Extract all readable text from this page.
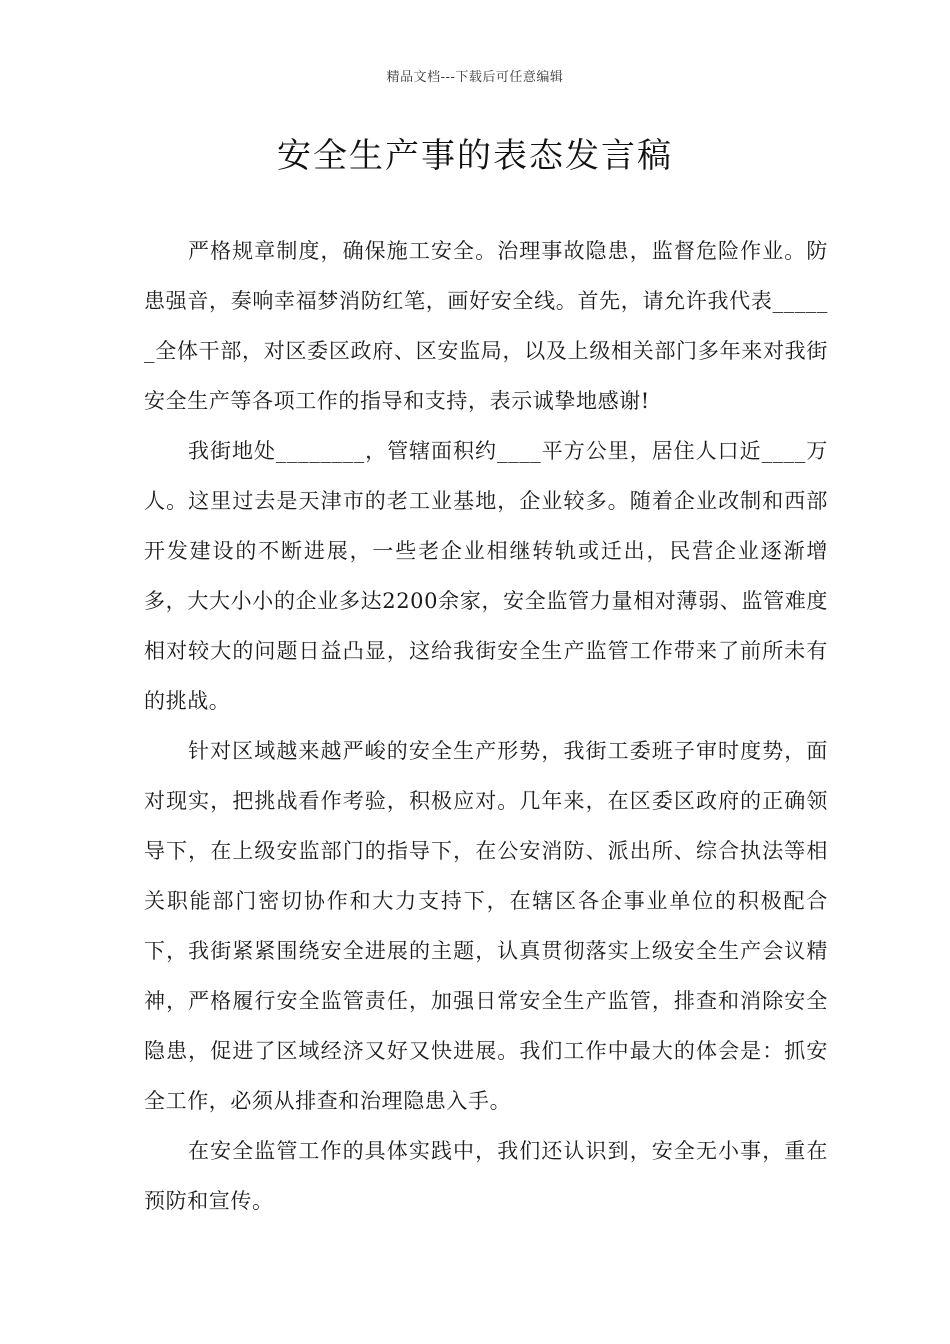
精品文档---下载后可任意编辑
安全生产事的表态发言稿

严格规章制度，确保施工安全。治理事故隐患，监督危险作业。防患强音，奏响幸福梦消防红笔，画好安全线。首先，请允许我代表______全体干部，对区委区政府、区安监局，以及上级相关部门多年来对我街安全生产等各项工作的指导和支持，表示诚挚地感谢!

我街地处________，管辖面积约____平方公里，居住人口近____万人。这里过去是天津市的老工业基地，企业较多。随着企业改制和西部开发建设的不断进展，一些老企业相继转轨或迁出，民营企业逐渐增多，大大小小的企业多达2200余家，安全监管力量相对薄弱、监管难度相对较大的问题日益凸显，这给我街安全生产监管工作带来了前所未有的挑战。

针对区域越来越严峻的安全生产形势，我街工委班子审时度势，面对现实，把挑战看作考验，积极应对。几年来，在区委区政府的正确领导下，在上级安监部门的指导下，在公安消防、派出所、综合执法等相关职能部门密切协作和大力支持下，在辖区各企事业单位的积极配合下，我街紧紧围绕安全进展的主题，认真贯彻落实上级安全生产会议精神，严格履行安全监管责任，加强日常安全生产监管，排查和消除安全隐患，促进了区域经济又好又快进展。我们工作中最大的体会是：抓安全工作，必须从排查和治理隐患入手。

在安全监管工作的具体实践中，我们还认识到，安全无小事，重在预防和宣传。
